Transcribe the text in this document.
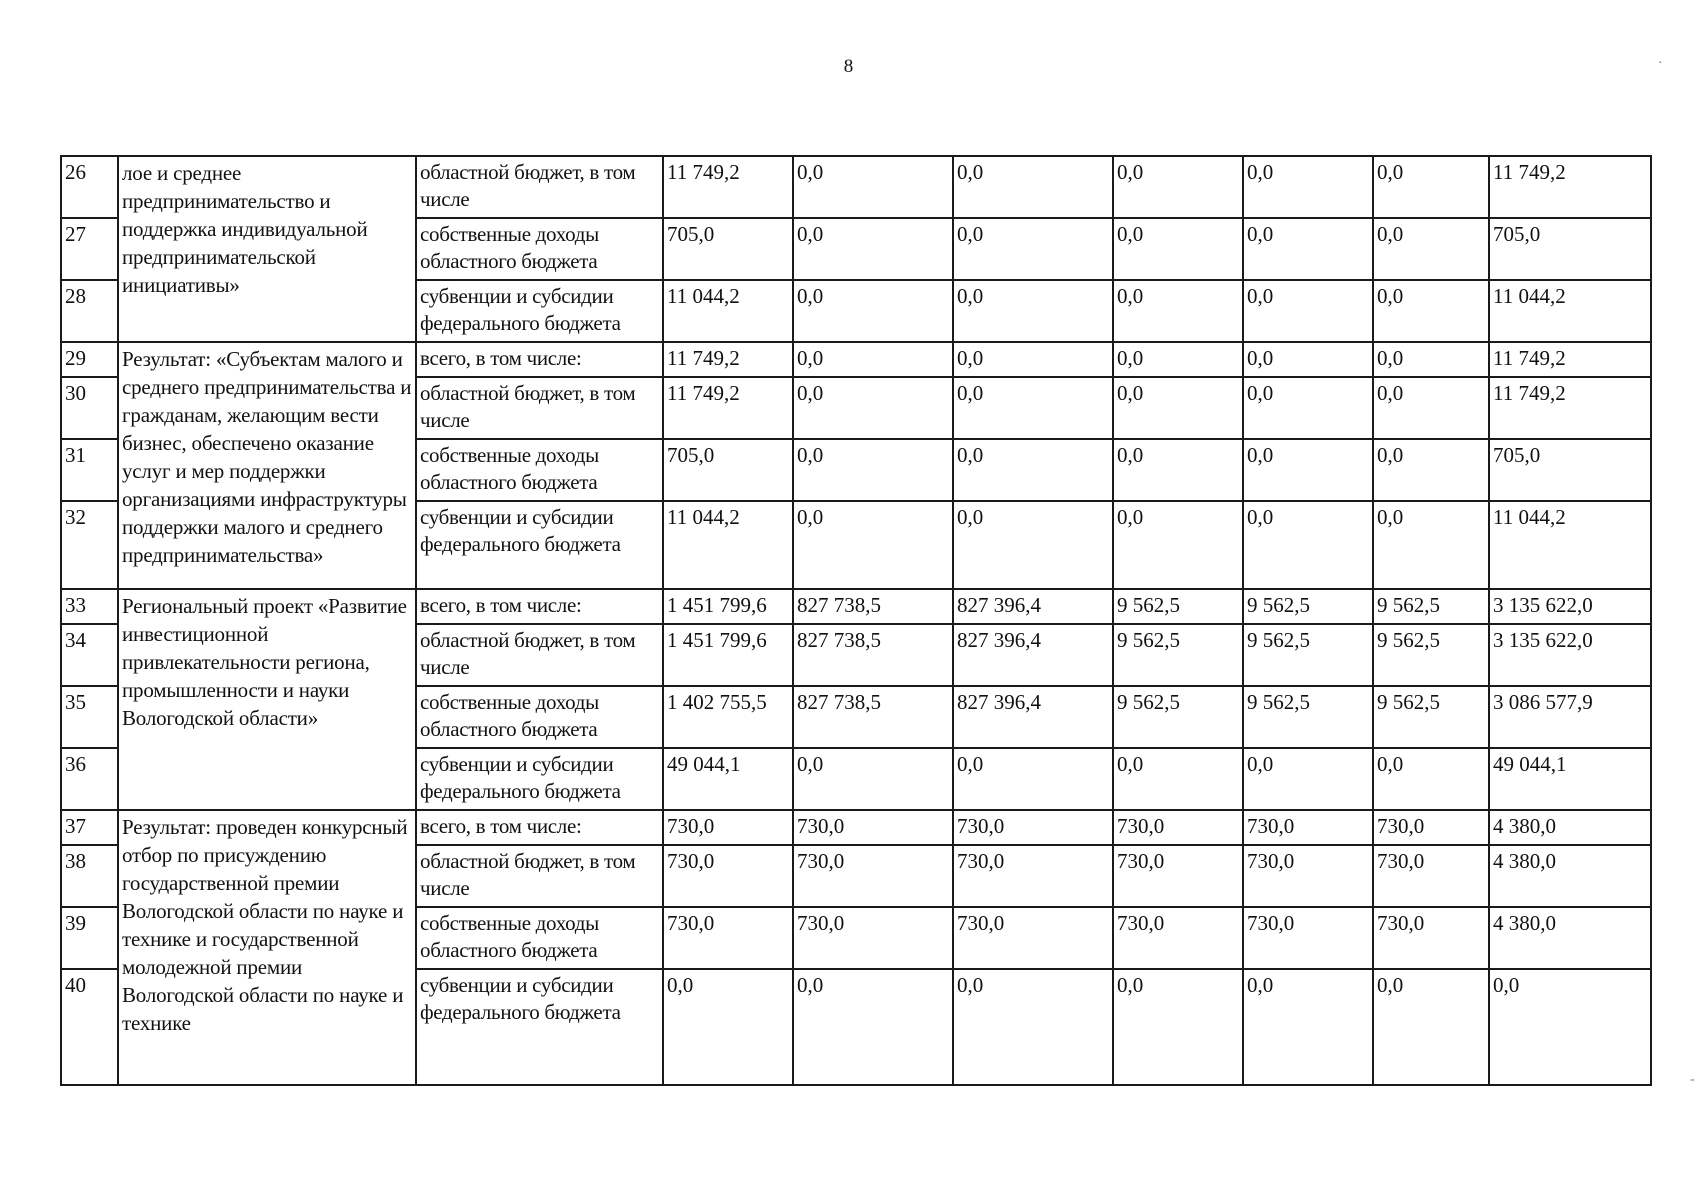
8	·
-
26	лое и среднее предпринимательство и поддержка индивидуальной предпринимательской инициативы»	областной бюджет, в том числе	11 749,2	0,0	0,0	0,0	0,0	0,0	11 749,2
27		собственные доходы областного бюджета	705,0	0,0	0,0	0,0	0,0	0,0	705,0
28		субвенции и субсидии федерального бюджета	11 044,2	0,0	0,0	0,0	0,0	0,0	11 044,2
29	Результат: «Субъектам малого и среднего предпринимательства и гражданам, желающим вести бизнес, обеспечено оказание услуг и мер поддержки организациями инфраструктуры поддержки малого и среднего предпринимательства»	всего, в том числе:	11 749,2	0,0	0,0	0,0	0,0	0,0	11 749,2
30		областной бюджет, в том числе	11 749,2	0,0	0,0	0,0	0,0	0,0	11 749,2
31		собственные доходы областного бюджета	705,0	0,0	0,0	0,0	0,0	0,0	705,0
32		субвенции и субсидии федерального бюджета	11 044,2	0,0	0,0	0,0	0,0	0,0	11 044,2
33	Региональный проект «Развитие инвестиционной привлекательности региона, промышленности и науки Вологодской области»	всего, в том числе:	1 451 799,6	827 738,5	827 396,4	9 562,5	9 562,5	9 562,5	3 135 622,0
34		областной бюджет, в том числе	1 451 799,6	827 738,5	827 396,4	9 562,5	9 562,5	9 562,5	3 135 622,0
35		собственные доходы областного бюджета	1 402 755,5	827 738,5	827 396,4	9 562,5	9 562,5	9 562,5	3 086 577,9
36		субвенции и субсидии федерального бюджета	49 044,1	0,0	0,0	0,0	0,0	0,0	49 044,1
37	Результат: проведен конкурсный отбор по присуждению государственной премии Вологодской области по науке и технике и государственной молодежной премии Вологодской области по науке и технике	всего, в том числе:	730,0	730,0	730,0	730,0	730,0	730,0	4 380,0
38		областной бюджет, в том числе	730,0	730,0	730,0	730,0	730,0	730,0	4 380,0
39		собственные доходы областного бюджета	730,0	730,0	730,0	730,0	730,0	730,0	4 380,0
40		субвенции и субсидии федерального бюджета	0,0	0,0	0,0	0,0	0,0	0,0	0,0
